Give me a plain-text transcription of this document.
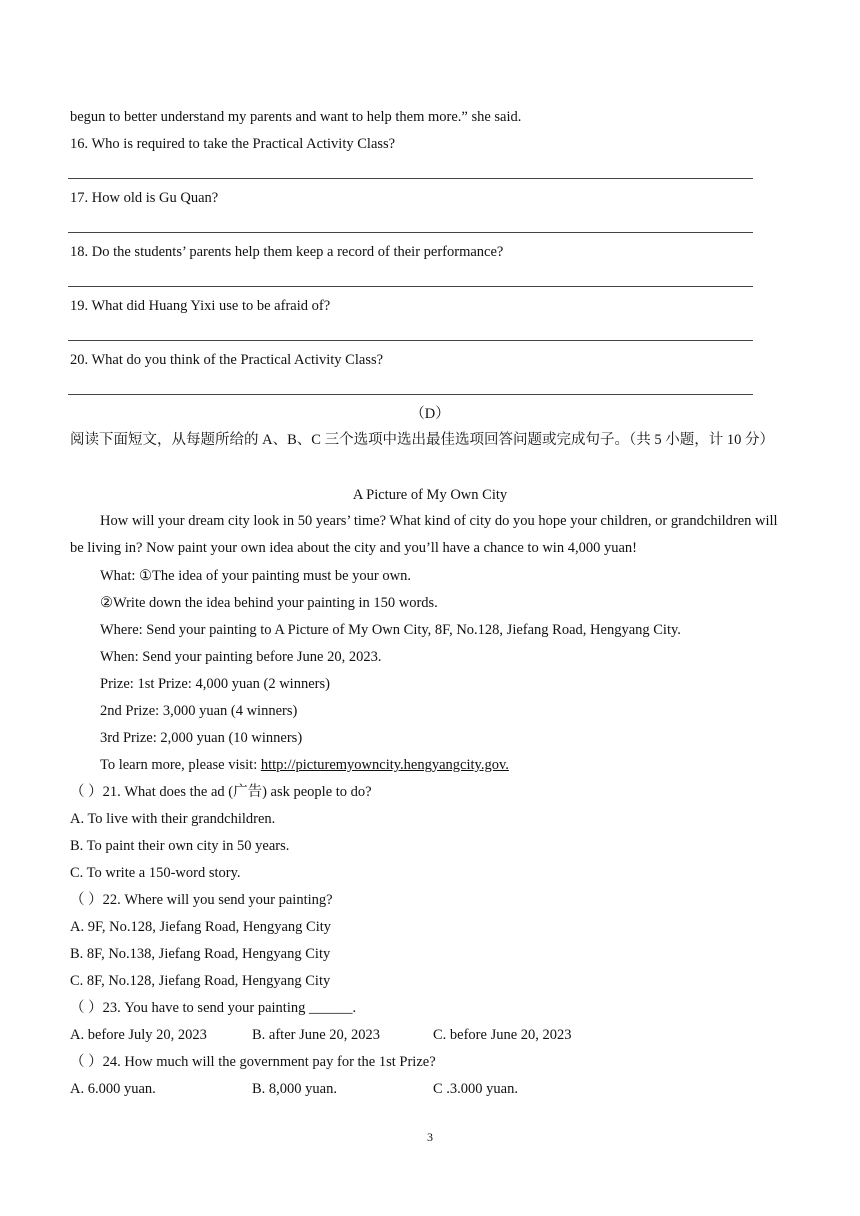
begun to better understand my parents and want to help them more.” she said.
16. Who is required to take the Practical Activity Class?
17. How old is Gu Quan?
18. Do the students’ parents help them keep a record of their performance?
19. What did Huang Yixi use to be afraid of?
20. What do you think of the Practical Activity Class?
（D）
阅读下面短文，从每题所给的 A、B、C 三个选项中选出最佳选项回答问题或完成句子。（共 5 小题，计 10 分）
A Picture of My Own City
How will your dream city look in 50 years’ time? What kind of city do you hope your children, or grandchildren will be living in? Now paint your own idea about the city and you’ll have a chance to win 4,000 yuan!
What: ①The idea of your painting must be your own.
②Write down the idea behind your painting in 150 words.
Where: Send your painting to A Picture of My Own City, 8F, No.128, Jiefang Road, Hengyang City.
When: Send your painting before June 20, 2023.
Prize: 1st Prize: 4,000 yuan (2 winners)
2nd Prize: 3,000 yuan (4 winners)
3rd Prize: 2,000 yuan (10 winners)
To learn more, please visit: http://picturemyowncity.hengyangcity.gov.
（ ）21. What does the ad (广告) ask people to do?
A. To live with their grandchildren.
B. To paint their own city in 50 years.
C. To write a 150-word story.
（ ）22. Where will you send your painting?
A. 9F, No.128, Jiefang Road, Hengyang City
B. 8F, No.138, Jiefang Road, Hengyang City
C. 8F, No.128, Jiefang Road, Hengyang City
（ ）23. You have to send your painting ______.
A. before July 20, 2023	B. after June 20, 2023	C. before June 20, 2023
（ ）24. How much will the government pay for the 1st Prize?
A. 6.000 yuan.	B. 8,000 yuan.	C .3.000 yuan.
3
